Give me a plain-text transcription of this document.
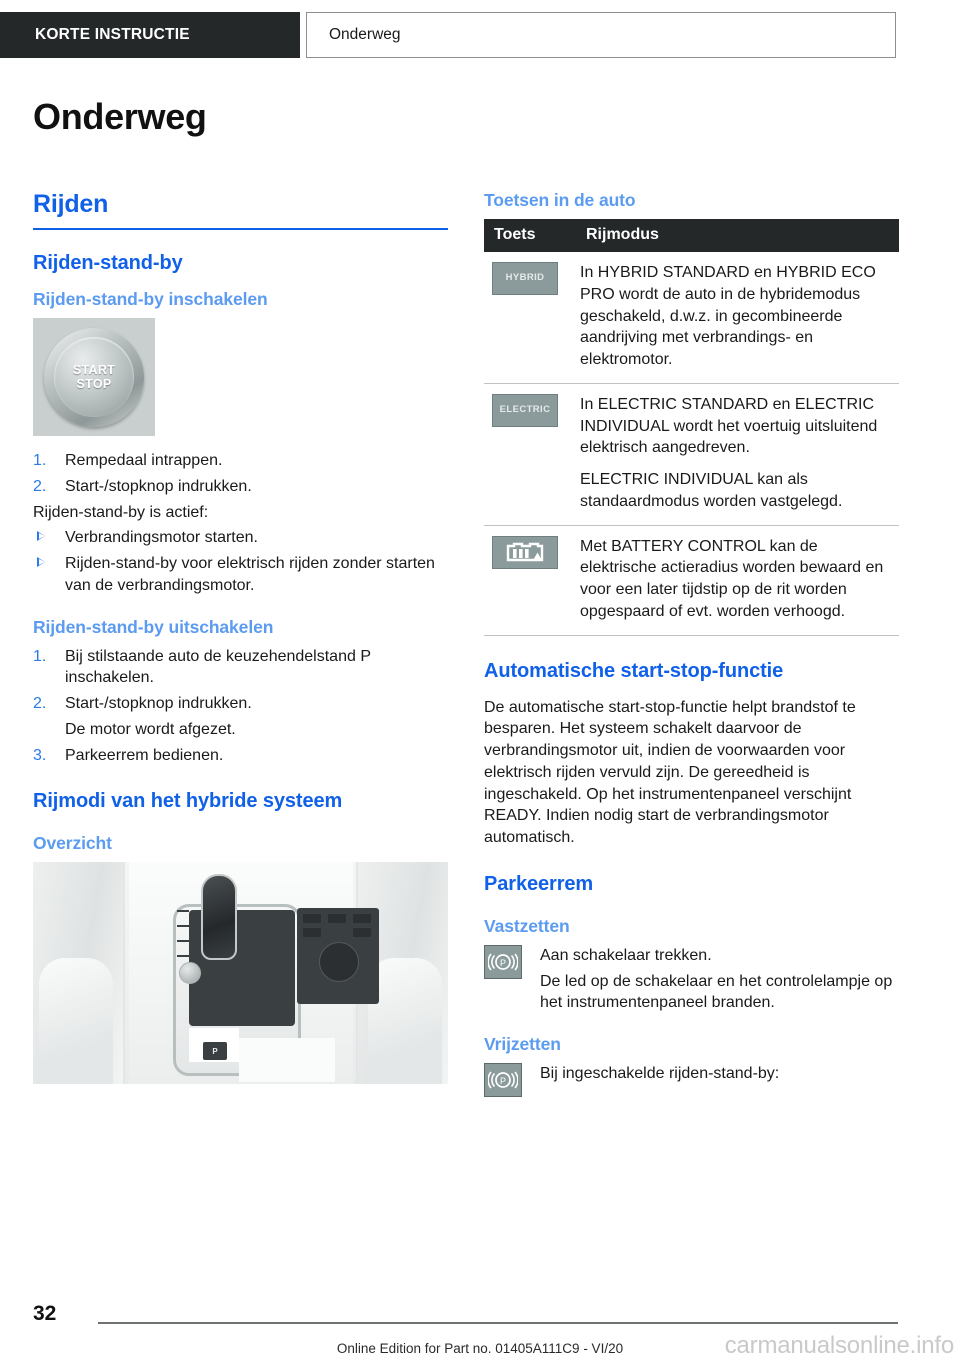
KORTE INSTRUCTIE	Onderweg
Onderweg
Rijden
Rijden-stand-by
Rijden-stand-by inschakelen
START
STOP
1. Rempedaal intrappen.
2. Start-/stopknop indrukken.

Rijden-stand-by is actief:

Verbrandingsmotor starten.
Rijden-stand-by voor elektrisch rijden zonder starten van de verbrandingsmotor.
Rijden-stand-by uitschakelen
1. Bij stilstaande auto de keuzehendelstand P inschakelen.
2. Start-/stopknop indrukken.
De motor wordt afgezet.
3. Parkeerrem bedienen.
Rijmodi van het hybride systeem
Overzicht
P
Toetsen in de auto
Toets	Rijmodus

HYBRID	In HYBRID STANDARD en HYBRID ECO PRO wordt de auto in de hybridemodus geschakeld, d.w.z. in gecombineerde aandrijving met verbrandings- en elektromotor.

ELECTRIC	In ELECTRIC STANDARD en ELECTRIC INDIVIDUAL wordt het voertuig uitsluitend elektrisch aangedreven.

ELECTRIC INDIVIDUAL kan als standaardmodus worden vastgelegd.

Met BATTERY CONTROL kan de elektrische actieradius worden bewaard en voor een later tijdstip op de rit worden opgespaard of evt. worden verhoogd.

Automatische start-stop-functie

De automatische start-stop-functie helpt brandstof te besparen. Het systeem schakelt daarvoor de verbrandingsmotor uit, indien de voorwaarden voor elektrisch rijden vervuld zijn. De gereedheid is ingeschakeld. Op het instrumentenpaneel verschijnt READY. Indien nodig start de verbrandingsmotor automatisch.

Parkeerrem
Vastzetten
P	Aan schakelaar trekken.
De led op de schakelaar en het controlelampje op het instrumentenpaneel branden.
Vrijzetten
P	Bij ingeschakelde rijden-stand-by:
32
Online Edition for Part no. 01405A111C9 - VI/20	carmanualsonline.info
